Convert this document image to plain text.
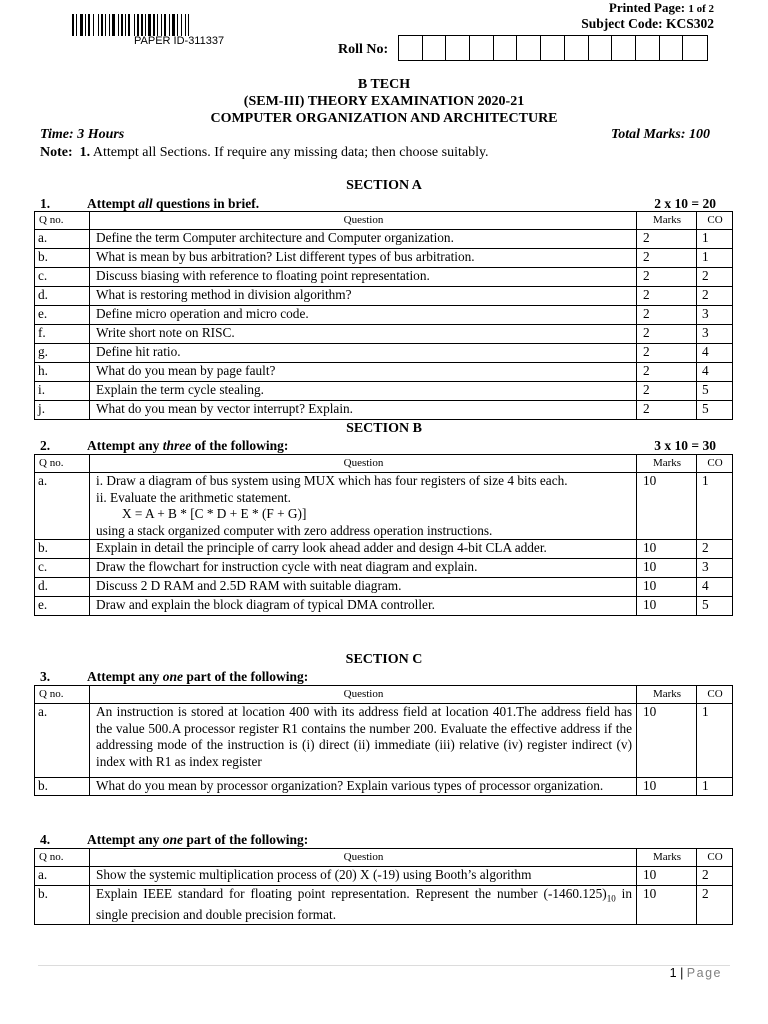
PAPER ID-311337
Printed Page: 1 of 2
Subject Code: KCS302
Roll No:
B TECH
(SEM-III) THEORY EXAMINATION 2020-21
COMPUTER ORGANIZATION AND ARCHITECTURE
Time: 3 Hours	Total Marks: 100
Note: 1. Attempt all Sections. If require any missing data; then choose suitably.
SECTION A
1.	Attempt all questions in brief.	2 x 10 = 20
Q no.	Question	Marks	CO
a.	Define the term Computer architecture and Computer organization.	2	1
b.	What is mean by bus arbitration? List different types of bus arbitration.	2	1
c.	Discuss biasing with reference to floating point representation.	2	2
d.	What is restoring method in division algorithm?	2	2
e.	Define micro operation and micro code.	2	3
f.	Write short note on RISC.	2	3
g.	Define hit ratio.	2	4
h.	What do you mean by page fault?	2	4
i.	Explain the term cycle stealing.	2	5
j.	What do you mean by vector interrupt? Explain.	2	5
SECTION B
2.	Attempt any three of the following:	3 x 10 = 30
Q no.	Question	Marks	CO
a.	i. Draw a diagram of bus system using MUX which has four registers of size 4 bits each.
ii. Evaluate the arithmetic statement.

X = A + B * [C * D + E * (F + G)]
using a stack organized computer with zero address operation instructions.	10	1
b.	Explain in detail the principle of carry look ahead adder and design 4-bit CLA adder.	10	2
c.	Draw the flowchart for instruction cycle with neat diagram and explain.	10	3
d.	Discuss 2 D RAM and 2.5D RAM with suitable diagram.	10	4
e.	Draw and explain the block diagram of typical DMA controller.	10	5
SECTION C
3.	Attempt any one part of the following:
Q no.	Question	Marks	CO
a.	An instruction is stored at location 400 with its address field at location 401.The address field has the value 500.A processor register R1 contains the number 200. Evaluate the effective address if the addressing mode of the instruction is (i) direct (ii) immediate (iii) relative (iv) register indirect (v) index with R1 as index register	10	1
b.	What do you mean by processor organization? Explain various types of processor organization.	10	1
4.	Attempt any one part of the following:
Q no.	Question	Marks	CO
a.	Show the systemic multiplication process of (20) X (-19) using Booth’s algorithm	10	2
b.	Explain IEEE standard for floating point representation. Represent the number $(-1460.125)_{10}$ in single precision and double precision format.	10	2
1 | Page
